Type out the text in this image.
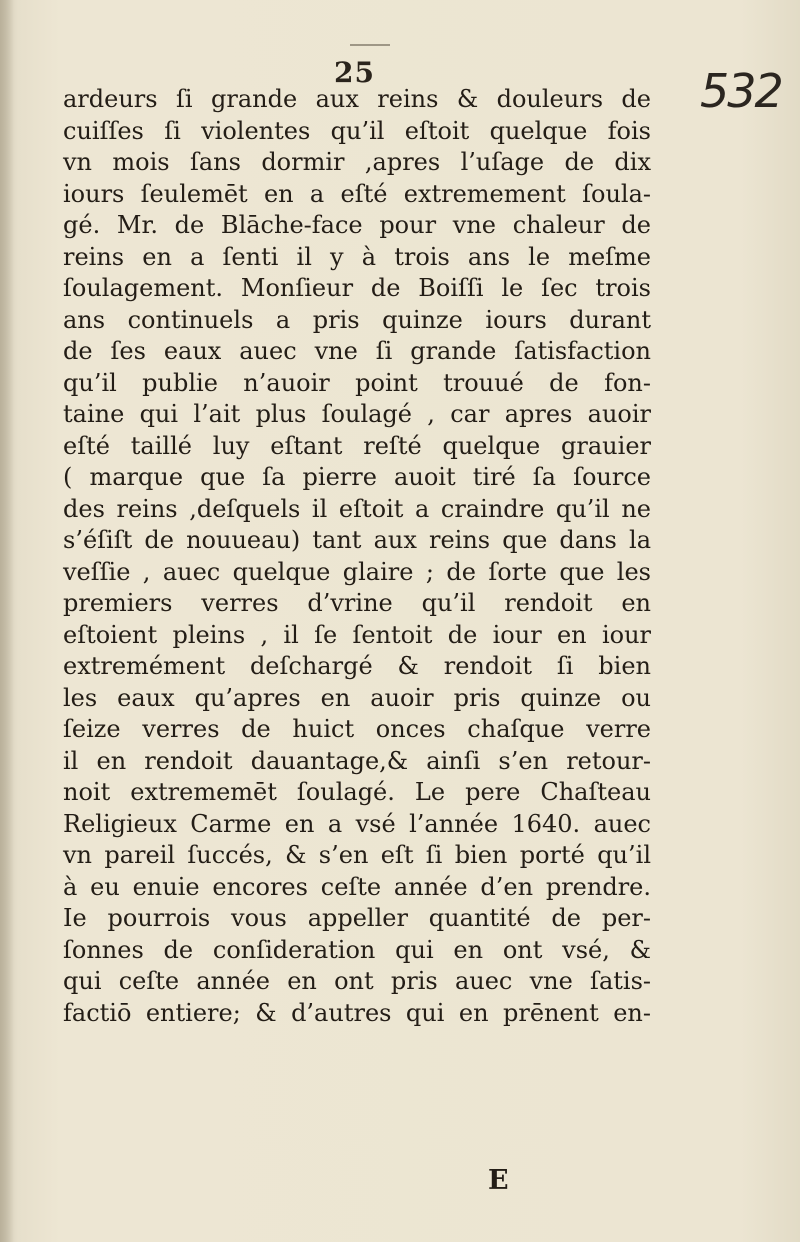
25	532
ardeurs ſi grande aux reins & douleurs de
cuiſſes ſi violentes qu’il eſtoit quelque fois
vn mois ſans dormir ,apres l’uſage de dix
iours ſeulemēt en a eſté extremement ſoula-
gé. Mr. de Blāche-face pour vne chaleur de
reins en a ſenti il y à trois ans le meſme
ſoulagement. Monſieur de Boiſſi le ſec trois
ans continuels a pris quinze iours durant
de ſes eaux auec vne ſi grande ſatisfaction
qu’il publie n’auoir point trouué de fon-
taine qui l’ait plus ſoulagé , car apres auoir
eſté taillé luy eſtant reſté quelque grauier
( marque que ſa pierre auoit tiré ſa ſource
des reins ,deſquels il eſtoit a craindre qu’il ne
s’éſiſt de nouueau) tant aux reins que dans la
veſſie , auec quelque glaire ; de ſorte que les
premiers verres d’vrine qu’il rendoit en
eſtoient pleins , il ſe ſentoit de iour en iour
extremément deſchargé & rendoit ſi bien
les eaux qu’apres en auoir pris quinze ou
ſeize verres de huict onces chaſque verre
il en rendoit dauantage,& ainſi s’en retour-
noit extrememēt ſoulagé. Le pere Chaſteau
Religieux Carme en a vsé l’année 1640. auec
vn pareil ſuccés, & s’en eſt ſi bien porté qu’il
à eu enuie encores ceſte année d’en prendre.
Ie pourrois vous appeller quantité de per-
ſonnes de conſideration qui en ont vsé, &
qui ceſte année en ont pris auec vne ſatis-
factiō entiere; & d’autres qui en prēnent en-
E
